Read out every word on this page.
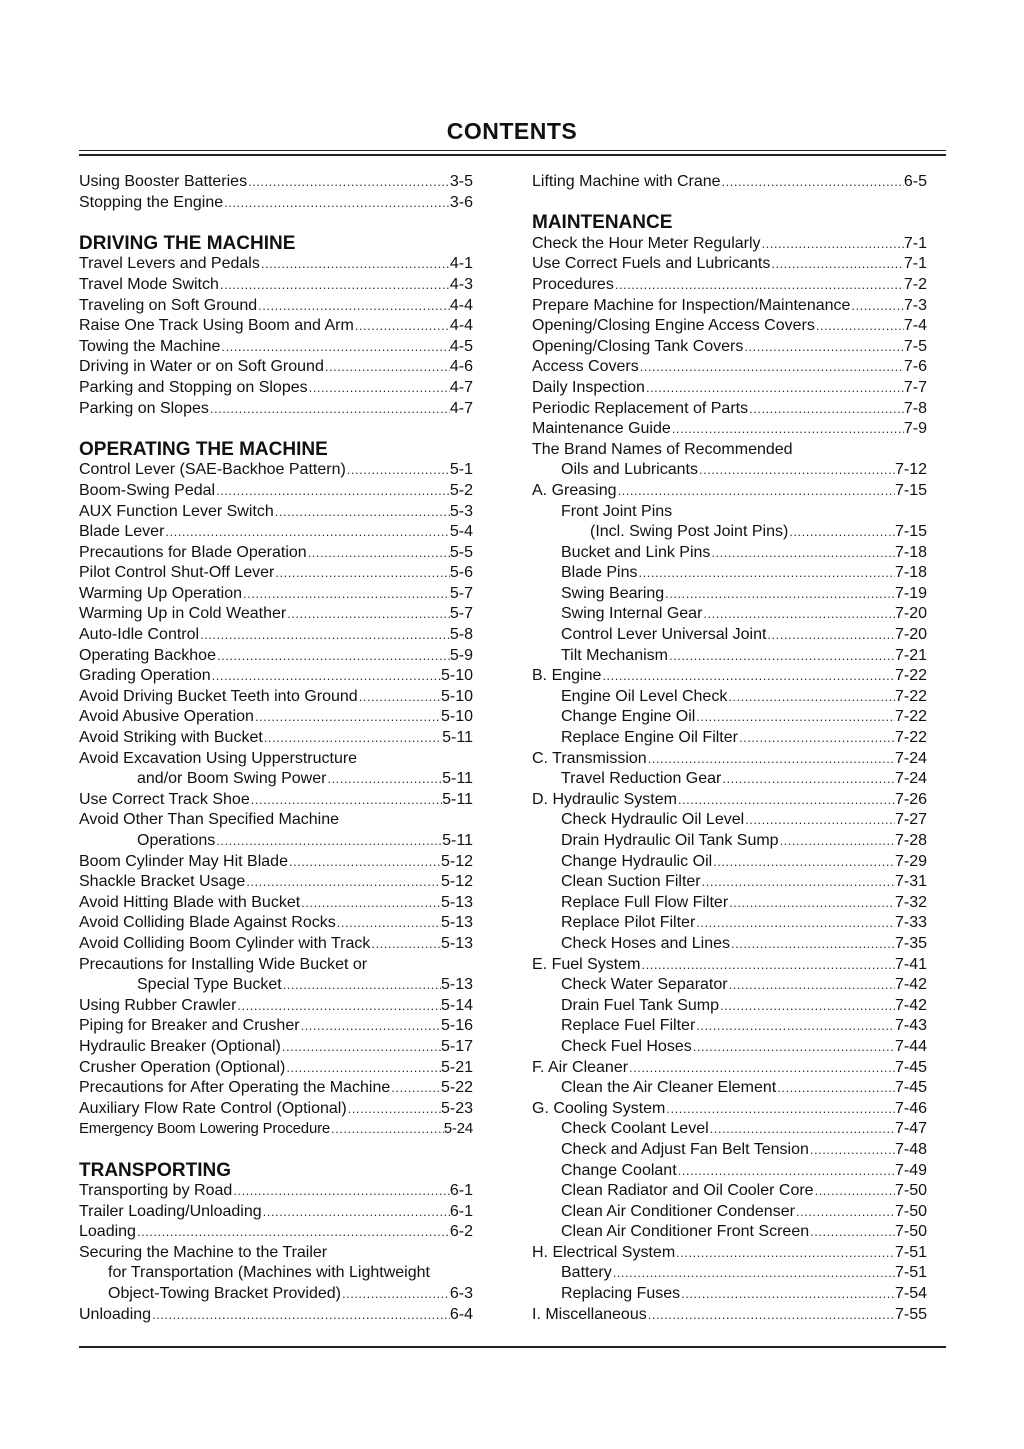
CONTENTS
Using Booster Batteries .....	3-5
Stopping the Engine .....	3-6
DRIVING THE MACHINE
Travel Levers and Pedals .....	4-1
Travel Mode Switch .....	4-3
Traveling on Soft Ground .....	4-4
Raise One Track Using Boom and Arm .....	4-4
Towing the Machine .....	4-5
Driving in Water or on Soft Ground .....	4-6
Parking and Stopping on Slopes .....	4-7
Parking on Slopes .....	4-7
OPERATING THE MACHINE
Control Lever (SAE-Backhoe Pattern) .....	5-1
Boom-Swing Pedal .....	5-2
AUX Function Lever Switch .....	5-3
Blade Lever .....	5-4
Precautions for Blade Operation .....	5-5
Pilot Control Shut-Off Lever .....	5-6
Warming Up Operation .....	5-7
Warming Up in Cold Weather .....	5-7
Auto-Idle Control .....	5-8
Operating Backhoe .....	5-9
Grading Operation .....	5-10
Avoid Driving Bucket Teeth into Ground .....	5-10
Avoid Abusive Operation .....	5-10
Avoid Striking with Bucket .....	5-11
Avoid Excavation Using Upperstructure
and/or Boom Swing Power .....	5-11
Use Correct Track Shoe .....	5-11
Avoid Other Than Specified Machine
Operations .....	5-11
Boom Cylinder May Hit Blade .....	5-12
Shackle Bracket Usage .....	5-12
Avoid Hitting Blade with Bucket .....	5-13
Avoid Colliding Blade Against Rocks .....	5-13
Avoid Colliding Boom Cylinder with Track .....	5-13
Precautions for Installing Wide Bucket or
Special Type Bucket .....	5-13
Using Rubber Crawler .....	5-14
Piping for Breaker and Crusher .....	5-16
Hydraulic Breaker (Optional) .....	5-17
Crusher Operation (Optional) .....	5-21
Precautions for After Operating the Machine .....	5-22
Auxiliary Flow Rate Control (Optional) .....	5-23
Emergency Boom Lowering Procedure .....	5-24
TRANSPORTING
Transporting by Road .....	6-1
Trailer Loading/Unloading .....	6-1
Loading .....	6-2
Securing the Machine to the Trailer
for Transportation (Machines with Lightweight
Object-Towing Bracket Provided) .....	6-3
Unloading .....	6-4
Lifting Machine with Crane .....	6-5
MAINTENANCE
Check the Hour Meter Regularly .....	7-1
Use Correct Fuels and Lubricants .....	7-1
Procedures .....	7-2
Prepare Machine for Inspection/Maintenance .....	7-3
Opening/Closing Engine Access Covers .....	7-4
Opening/Closing Tank Covers .....	7-5
Access Covers .....	7-6
Daily Inspection .....	7-7
Periodic Replacement of Parts .....	7-8
Maintenance Guide .....	7-9
The Brand Names of Recommended
Oils and Lubricants .....	7-12
A. Greasing .....	7-15
Front Joint Pins
(Incl. Swing Post Joint Pins) .....	7-15
Bucket and Link Pins .....	7-18
Blade Pins .....	7-18
Swing Bearing .....	7-19
Swing Internal Gear .....	7-20
Control Lever Universal Joint .....	7-20
Tilt Mechanism .....	7-21
B. Engine .....	7-22
Engine Oil Level Check .....	7-22
Change Engine Oil .....	7-22
Replace Engine Oil Filter .....	7-22
C. Transmission .....	7-24
Travel Reduction Gear .....	7-24
D. Hydraulic System .....	7-26
Check Hydraulic Oil Level .....	7-27
Drain Hydraulic Oil Tank Sump .....	7-28
Change Hydraulic Oil .....	7-29
Clean Suction Filter .....	7-31
Replace Full Flow Filter .....	7-32
Replace Pilot Filter .....	7-33
Check Hoses and Lines .....	7-35
E. Fuel System .....	7-41
Check Water Separator .....	7-42
Drain Fuel Tank Sump .....	7-42
Replace Fuel Filter .....	7-43
Check Fuel Hoses .....	7-44
F. Air Cleaner .....	7-45
Clean the Air Cleaner Element .....	7-45
G. Cooling System .....	7-46
Check Coolant Level .....	7-47
Check and Adjust Fan Belt Tension .....	7-48
Change Coolant .....	7-49
Clean Radiator and Oil Cooler Core .....	7-50
Clean Air Conditioner Condenser .....	7-50
Clean Air Conditioner Front Screen .....	7-50
H. Electrical System .....	7-51
Battery .....	7-51
Replacing Fuses .....	7-54
I. Miscellaneous .....	7-55
